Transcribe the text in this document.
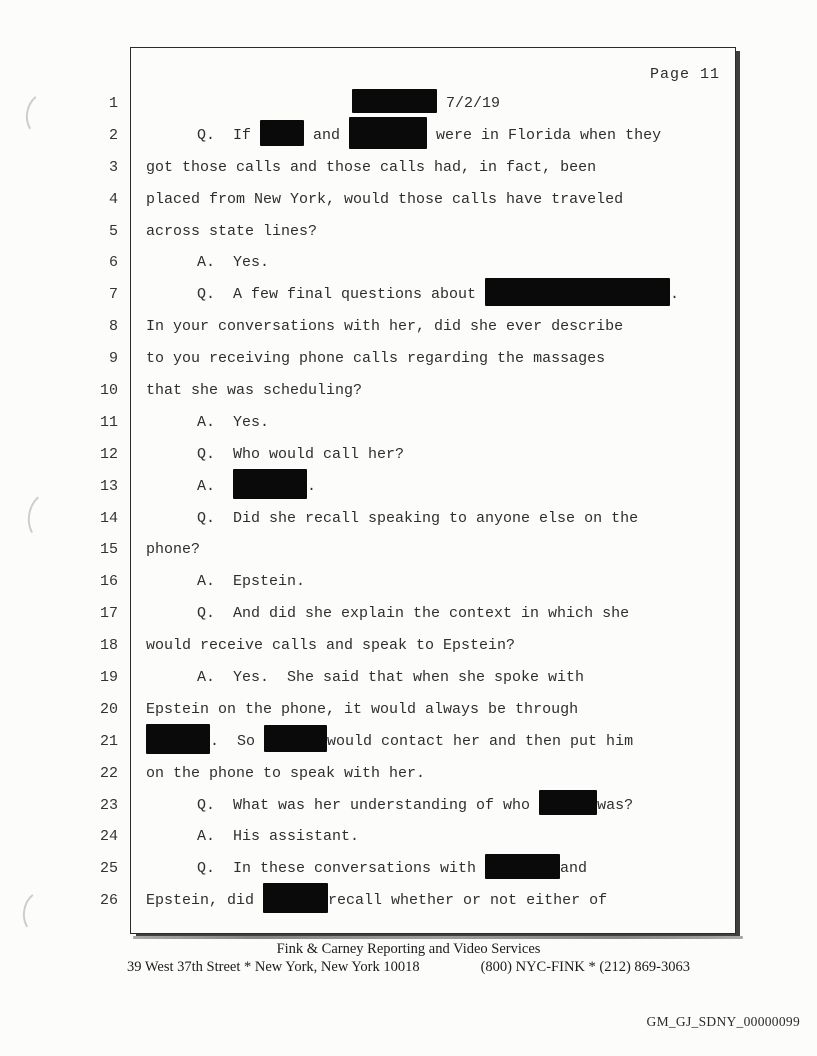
Page 11
1
2
3
4
5
6
7
8
9
10
11
12
13
14
15
16
17
18
19
20
21
22
23
24
25
26
7/2/19
Q.  If	and	were in Florida when they
got those calls and those calls had, in fact, been
placed from New York, would those calls have traveled
across state lines?
A.  Yes.
Q.  A few final questions about	.
In your conversations with her, did she ever describe
to you receiving phone calls regarding the massages
that she was scheduling?
A.  Yes.
Q.  Who would call her?
A.	.
Q.  Did she recall speaking to anyone else on the
phone?
A.  Epstein.
Q.  And did she explain the context in which she
would receive calls and speak to Epstein?
A.  Yes.  She said that when she spoke with
Epstein on the phone, it would always be through
.  So	would contact her and then put him
on the phone to speak with her.
Q.  What was her understanding of who	was?
A.  His assistant.
Q.  In these conversations with	and
Epstein, did	recall whether or not either of
Fink & Carney Reporting and Video Services
39 West 37th Street * New York, New York 10018	(800) NYC-FINK * (212) 869-3063
GM_GJ_SDNY_00000099
